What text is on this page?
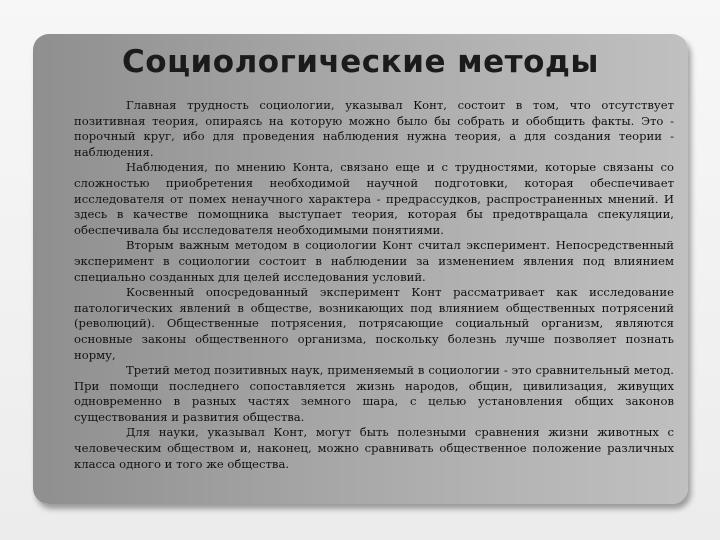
Социологические методы

Главная трудность социологии, указывал Конт, состоит в том, что отсутствует позитивная теория, опираясь на которую можно было бы собрать и обобщить факты. Это - порочный круг, ибо для проведения наблюдения нужна теория, а для создания теории - наблюдения.

Наблюдения, по мнению Конта, связано еще и с трудностями, которые связаны со сложностью приобретения необходимой научной подготовки, которая обеспечивает исследователя от помех ненаучного характера - предрассудков, распространенных мнений. И здесь в качестве помощника выступает теория, которая бы предотвращала спекуляции, обеспечивала бы исследователя необходимыми понятиями.

Вторым важным методом в социологии Конт считал эксперимент. Непосредственный эксперимент в социологии состоит в наблюдении за изменением явления под влиянием специально созданных для целей исследования условий.

Косвенный опосредованный эксперимент Конт рассматривает как исследование патологических явлений в обществе, возникающих под влиянием общественных потрясений (революций). Общественные потрясения, потрясающие социальный организм, являются основные законы общественного организма, поскольку болезнь лучше позволяет познать норму,

Третий метод позитивных наук, применяемый в социологии - это сравнительный метод. При помощи последнего сопоставляется жизнь народов, общин, цивилизация, живущих одновременно в разных частях земного шара, с целью установления общих законов существования и развития общества.

Для науки, указывал Конт, могут быть полезными сравнения жизни животных с человеческим обществом и, наконец, можно сравнивать общественное положение различных класса одного и того же общества.
